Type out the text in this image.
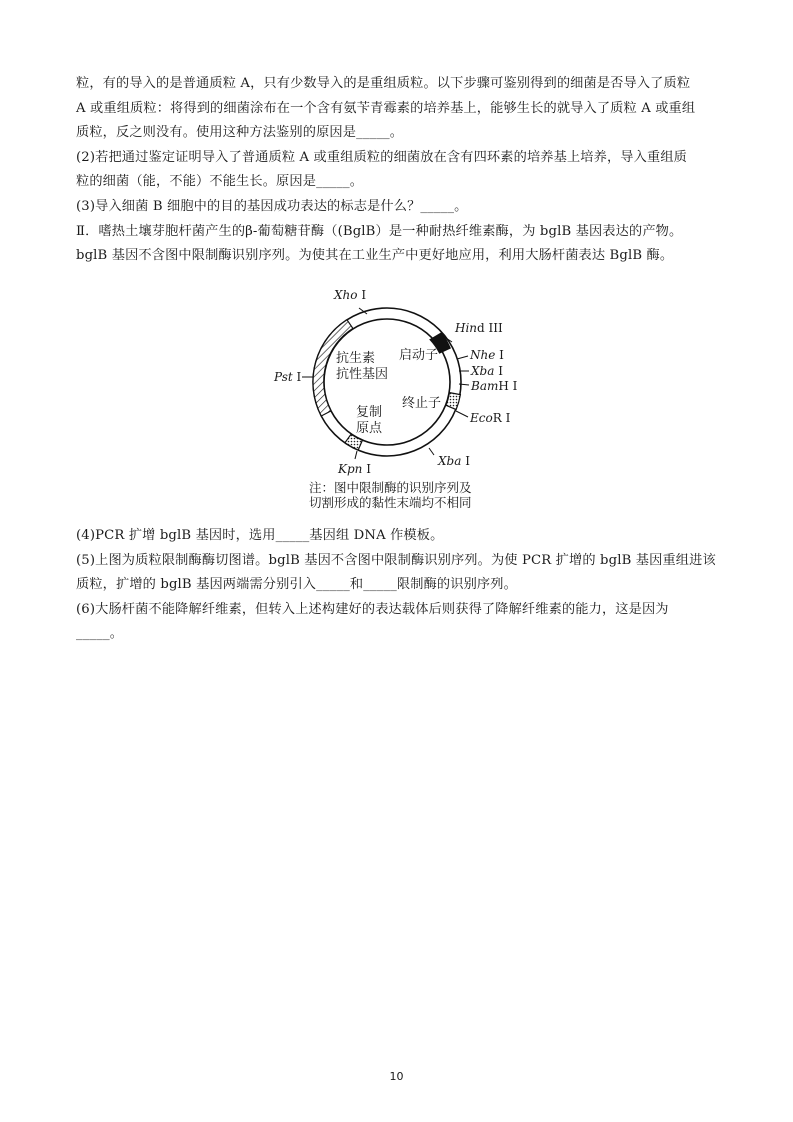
粒，有的导入的是普通质粒 A，只有少数导入的是重组质粒。以下步骤可鉴别得到的细菌是否导入了质粒
A 或重组质粒：将得到的细菌涂布在一个含有氨苄青霉素的培养基上，能够生长的就导入了质粒 A 或重组
质粒，反之则没有。使用这种方法鉴别的原因是_____。
(2)若把通过鉴定证明导入了普通质粒 A 或重组质粒的细菌放在含有四环素的培养基上培养，导入重组质
粒的细菌（能，不能）不能生长。原因是_____。
(3)导入细菌 B 细胞中的目的基因成功表达的标志是什么？_____。
Ⅱ．嗜热土壤芽胞杆菌产生的β-葡萄糖苷酶（(BglB）是一种耐热纤维素酶，为 bglB 基因表达的产物。
bglB 基因不含图中限制酶识别序列。为使其在工业生产中更好地应用，利用大肠杆菌表达 BglB 酶。
Xho I
Hind III
Nhe I
Xba I
BamH I
EcoR I
Xba I
Kpn I
Pst I
抗生素
抗性基因
启动子
终止子
复制
原点
注：图中限制酶的识别序列及
切割形成的黏性末端均不相同
(4)PCR 扩增 bglB 基因时，选用_____基因组 DNA 作模板。
(5)上图为质粒限制酶酶切图谱。bglB 基因不含图中限制酶识别序列。为使 PCR 扩增的 bglB 基因重组进该
质粒，扩增的 bglB 基因两端需分别引入_____和_____限制酶的识别序列。
(6)大肠杆菌不能降解纤维素，但转入上述构建好的表达载体后则获得了降解纤维素的能力，这是因为
_____。
10
